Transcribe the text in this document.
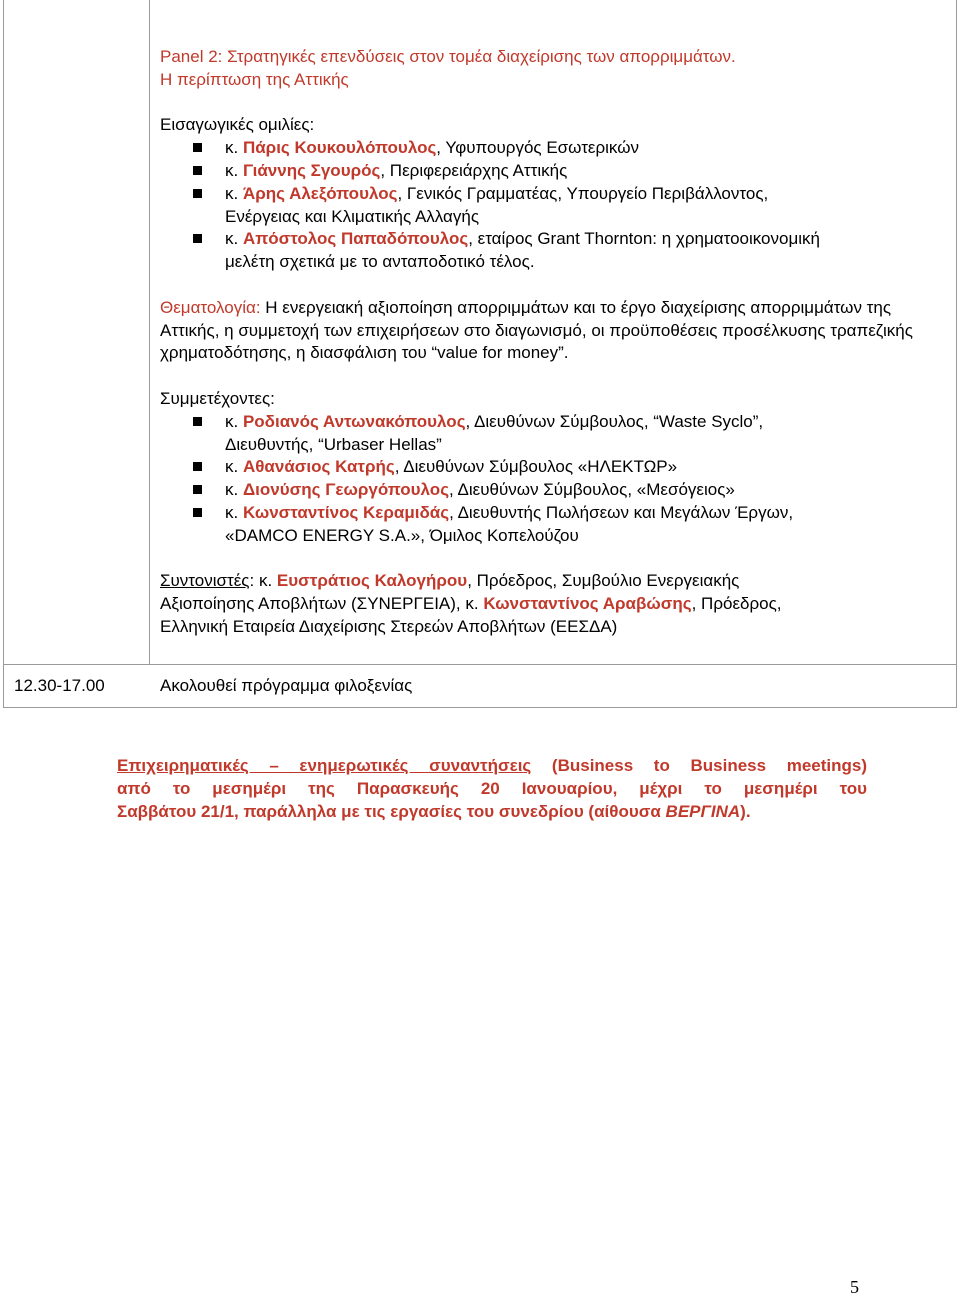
Panel 2: Στρατηγικές επενδύσεις στον τομέα διαχείρισης των απορριμμάτων.

Η περίπτωση της Αττικής

Εισαγωγικές ομιλίες:

κ. Πάρις Κουκουλόπουλος, Υφυπουργός Εσωτερικών
κ. Γιάννης Σγουρός, Περιφερειάρχης Αττικής
κ. Άρης Αλεξόπουλος, Γενικός Γραμματέας, Υπουργείο Περιβάλλοντος,
Ενέργειας και Κλιματικής Αλλαγής
κ. Απόστολος Παπαδόπουλος, εταίρος Grant Thornton: η χρηματοοικονομική
μελέτη σχετικά με το ανταποδοτικό τέλος.

Θεματολογία: Η ενεργειακή αξιοποίηση απορριμμάτων και το έργο διαχείρισης απορριμμάτων της Αττικής, η συμμετοχή των επιχειρήσεων στο διαγωνισμό, οι προϋποθέσεις προσέλκυσης τραπεζικής χρηματοδότησης, η διασφάλιση του “value for money”.

Συμμετέχοντες:

κ. Ροδιανός Αντωνακόπουλος, Διευθύνων Σύμβουλος, “Waste Syclo”,
Διευθυντής, “Urbaser Hellas”
κ. Αθανάσιος Κατρής, Διευθύνων Σύμβουλος «ΗΛΕΚΤΩΡ»
κ. Διονύσης Γεωργόπουλος, Διευθύνων Σύμβουλος, «Μεσόγειος»
κ. Κωνσταντίνος Κεραμιδάς, Διευθυντής Πωλήσεων και Μεγάλων Έργων,
«DAMCO ENERGY S.A.», Όμιλος Κοπελούζου

Συντονιστές: κ. Ευστράτιος Καλογήρου, Πρόεδρος, Συμβούλιο Ενεργειακής
Αξιοποίησης Αποβλήτων (ΣΥΝΕΡΓΕΙΑ), κ. Κωνσταντίνος Αραβώσης, Πρόεδρος,
Ελληνική Εταιρεία Διαχείρισης Στερεών Αποβλήτων (ΕΕΣΔΑ)

12.30-17.00	Ακολουθεί πρόγραμμα φιλοξενίας
Επιχειρηματικές – ενημερωτικές συναντήσεις (Business to Business meetings)
από το μεσημέρι της Παρασκευής 20 Ιανουαρίου, μέχρι το μεσημέρι του
Σαββάτου 21/1, παράλληλα με τις εργασίες του συνεδρίου (αίθουσα ΒΕΡΓΙΝΑ).
5
